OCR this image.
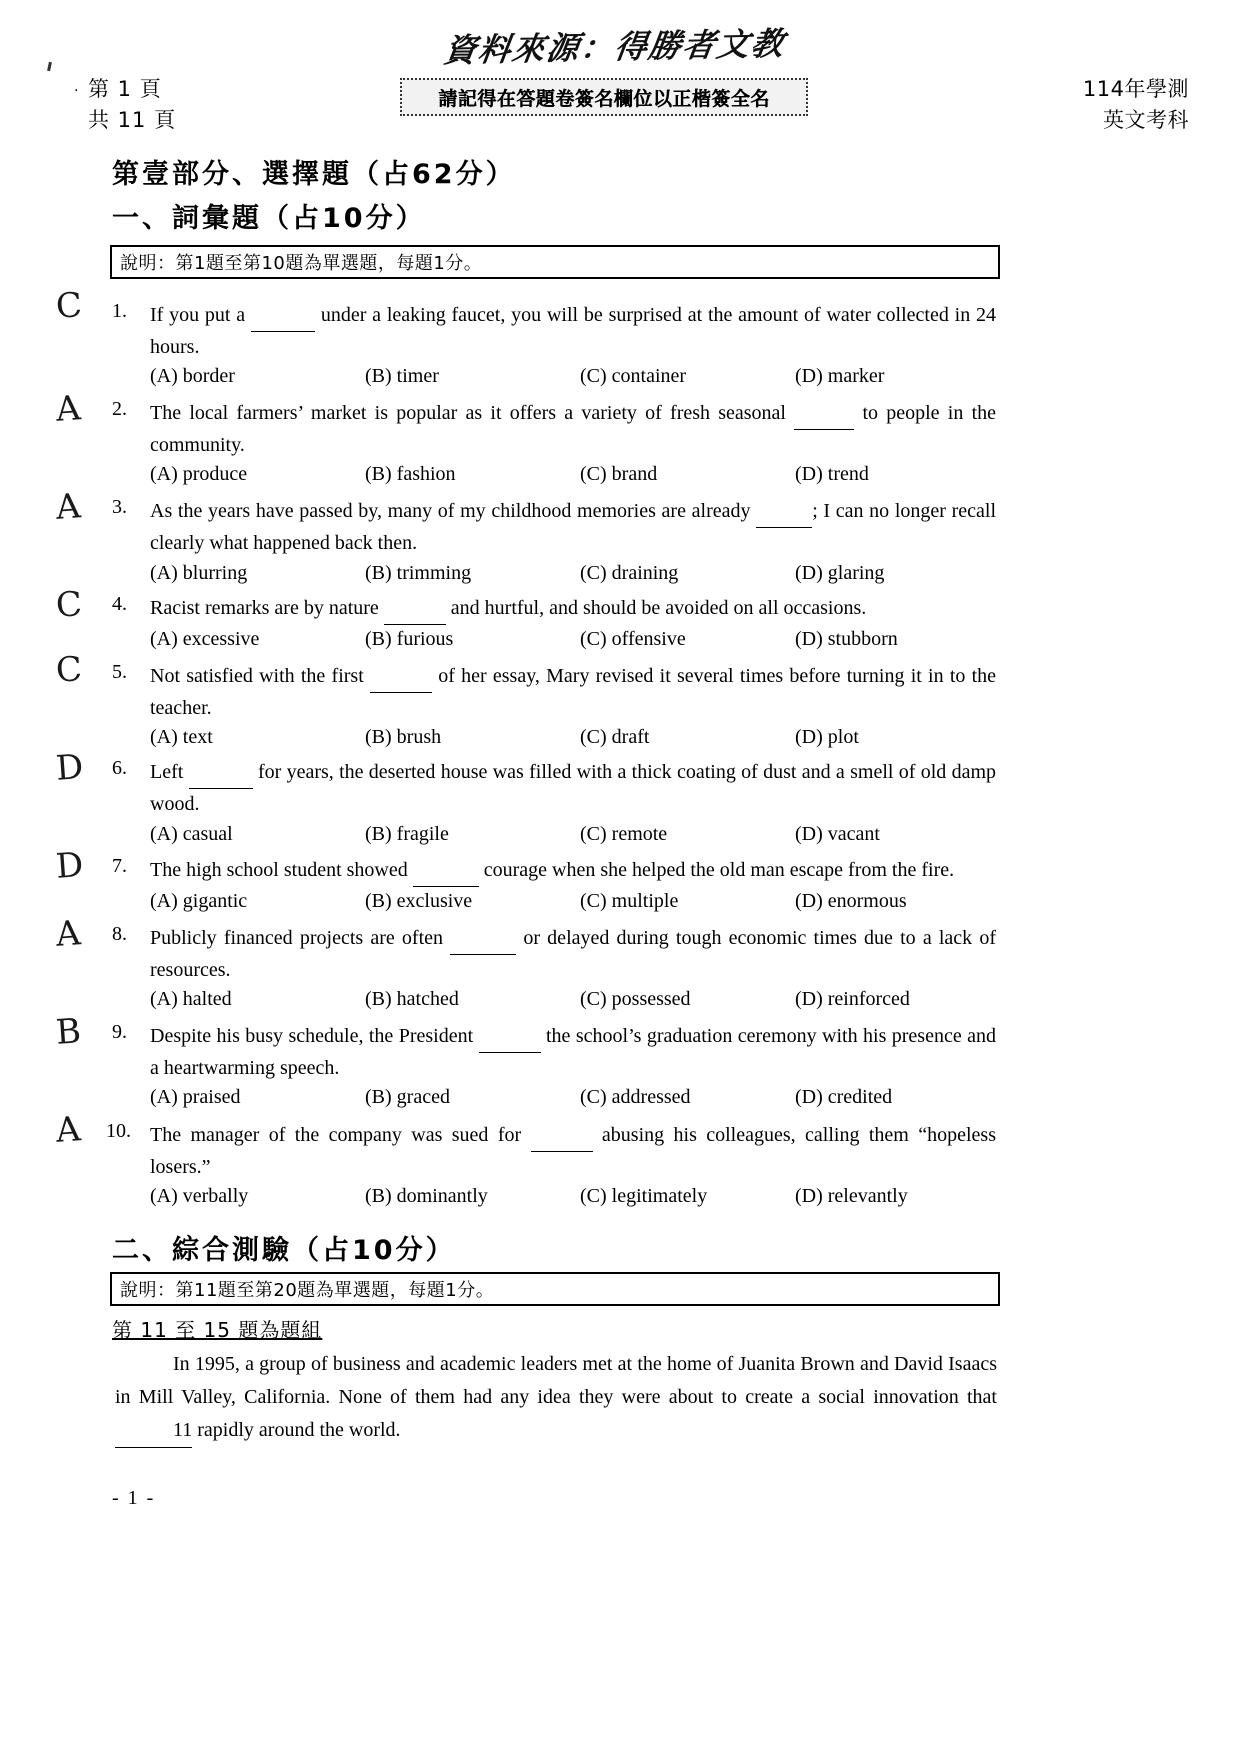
資料來源：得勝者文教
請記得在答題卷簽名欄位以正楷簽全名
· 第 1 頁
共 11 頁
114年學測
英文考科
第壹部分、選擇題（占62分）
一、詞彙題（占10分）
說明：第1題至第10題為單選題，每題1分。
C 1.	If you put a	under a leaking faucet, you will be surprised at the amount of water collected in 24 hours.
(A) border	(B) timer	(C) container	(D) marker
A 2.	The local farmers’ market is popular as it offers a variety of fresh seasonal	to people in the community.
(A) produce	(B) fashion	(C) brand	(D) trend
A 3.	As the years have passed by, many of my childhood memories are already	; I can no longer recall clearly what happened back then.
(A) blurring	(B) trimming	(C) draining	(D) glaring
C 4.	Racist remarks are by nature	and hurtful, and should be avoided on all occasions.
(A) excessive	(B) furious	(C) offensive	(D) stubborn
C 5.	Not satisfied with the first	of her essay, Mary revised it several times before turning it in to the teacher.
(A) text	(B) brush	(C) draft	(D) plot
D 6.	Left	for years, the deserted house was filled with a thick coating of dust and a smell of old damp wood.
(A) casual	(B) fragile	(C) remote	(D) vacant
D 7.	The high school student showed	courage when she helped the old man escape from the fire.
(A) gigantic	(B) exclusive	(C) multiple	(D) enormous
A 8.	Publicly financed projects are often	or delayed during tough economic times due to a lack of resources.
(A) halted	(B) hatched	(C) possessed	(D) reinforced
B 9.	Despite his busy schedule, the President	the school’s graduation ceremony with his presence and a heartwarming speech.
(A) praised	(B) graced	(C) addressed	(D) credited
A 10. The manager of the company was sued for	abusing his colleagues, calling them “hopeless losers.”
(A) verbally	(B) dominantly	(C) legitimately	(D) relevantly
二、綜合測驗（占10分）
說明：第11題至第20題為單選題，每題1分。
第 11 至 15 題為題組
In 1995, a group of business and academic leaders met at the home of Juanita Brown and David Isaacs in Mill Valley, California. None of them had any idea they were about to create a social innovation that 11 rapidly around the world.
- 1 -
